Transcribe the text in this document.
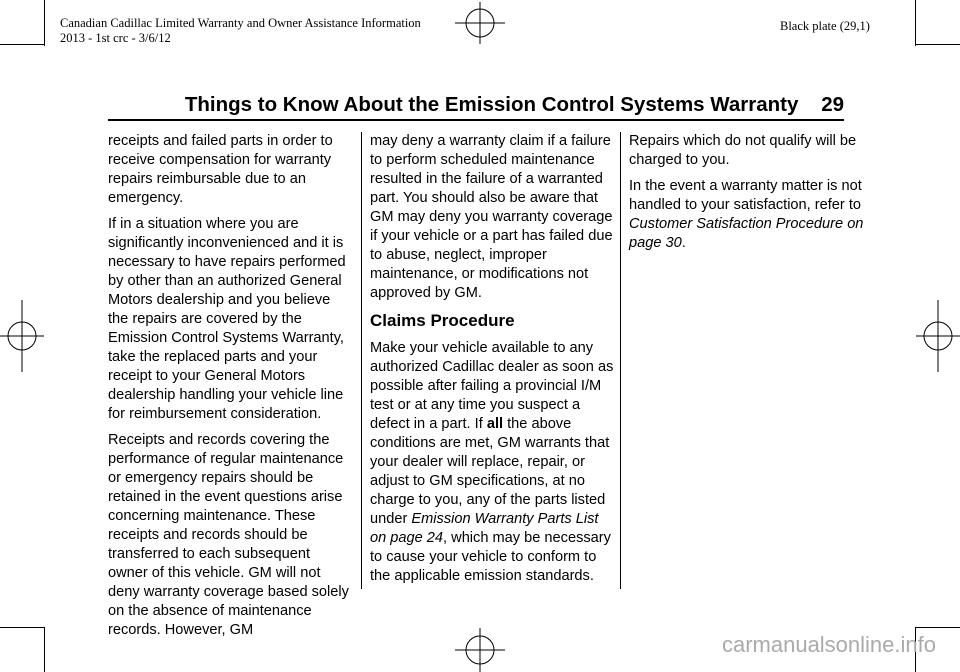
Canadian Cadillac Limited Warranty and Owner Assistance Information
2013 - 1st crc - 3/6/12
Black plate (29,1)
Things to Know About the Emission Control Systems Warranty 29

receipts and failed parts in order to receive compensation for warranty repairs reimbursable due to an emergency.

If in a situation where you are significantly inconvenienced and it is necessary to have repairs performed by other than an authorized General Motors dealership and you believe the repairs are covered by the Emission Control Systems Warranty, take the replaced parts and your receipt to your General Motors dealership handling your vehicle line for reimbursement consideration.

Receipts and records covering the performance of regular maintenance or emergency repairs should be retained in the event questions arise concerning maintenance. These receipts and records should be transferred to each subsequent owner of this vehicle. GM will not deny warranty coverage based solely on the absence of maintenance records. However, GM

may deny a warranty claim if a failure to perform scheduled maintenance resulted in the failure of a warranted part. You should also be aware that GM may deny you warranty coverage if your vehicle or a part has failed due to abuse, neglect, improper maintenance, or modifications not approved by GM.

Claims Procedure

Make your vehicle available to any authorized Cadillac dealer as soon as possible after failing a provincial I/M test or at any time you suspect a defect in a part. If all the above conditions are met, GM warrants that your dealer will replace, repair, or adjust to GM specifications, at no charge to you, any of the parts listed under Emission Warranty Parts List on page 24, which may be necessary to cause your vehicle to conform to the applicable emission standards.

Repairs which do not qualify will be charged to you.

In the event a warranty matter is not handled to your satisfaction, refer to Customer Satisfaction Procedure on page 30.

carmanualsonline.info
